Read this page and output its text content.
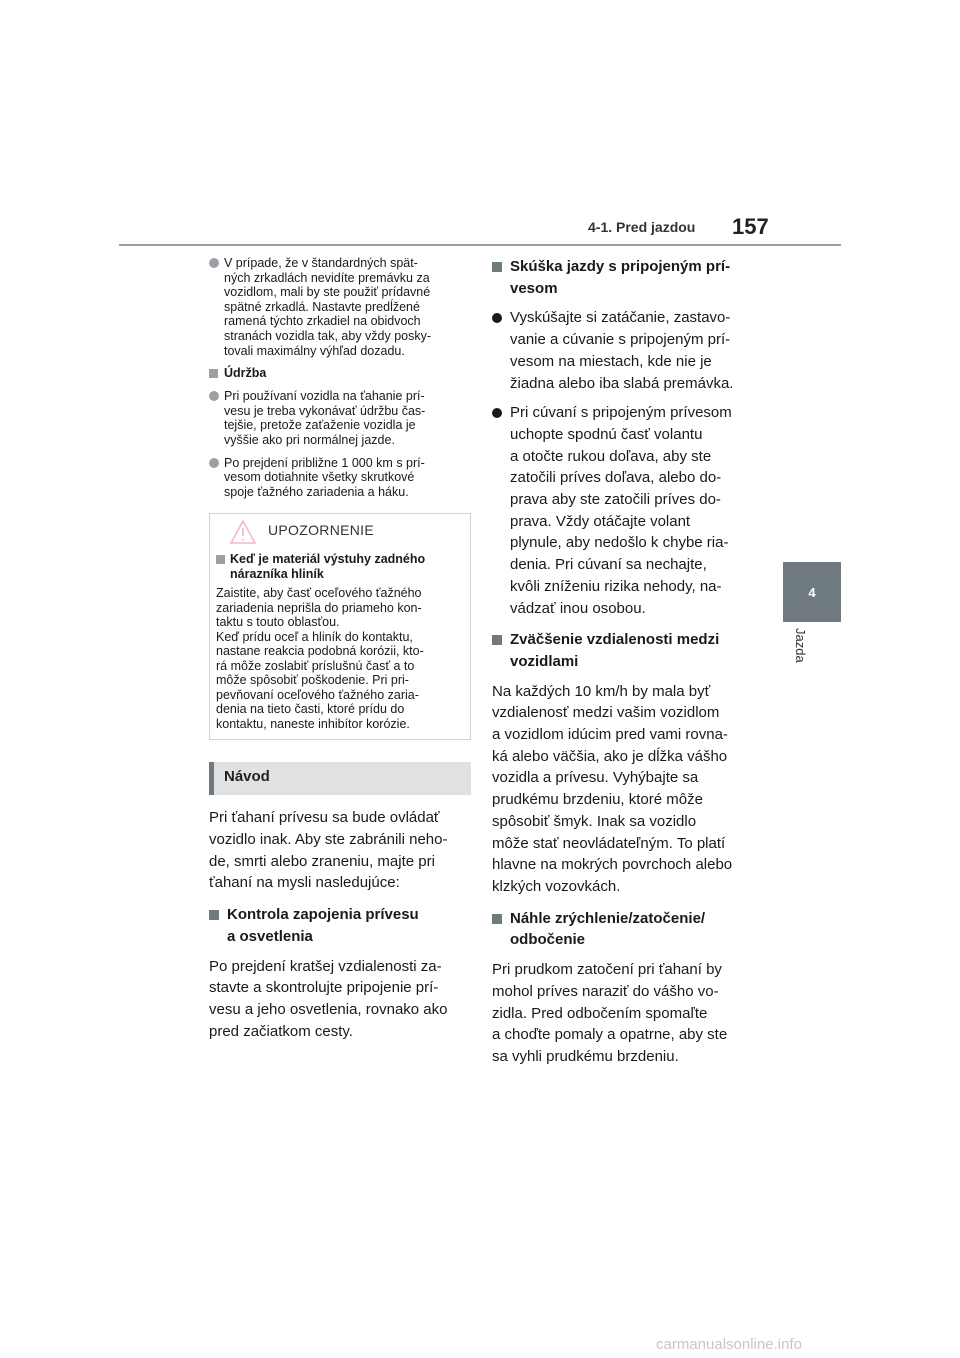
4-1. Pred jazdou 157
4
Jazda
V prípade, že v štandardných spät-
ných zrkadlách nevidíte premávku za
vozidlom, mali by ste použiť prídavné
spätné zrkadlá. Nastavte predĺžené
ramená týchto zrkadiel na obidvoch
stranách vozidla tak, aby vždy posky-
tovali maximálny výhľad dozadu.
Údržba
Pri používaní vozidla na ťahanie prí-
vesu je treba vykonávať údržbu čas-
tejšie, pretože zaťaženie vozidla je
vyššie ako pri normálnej jazde.
Po prejdení približne 1 000 km s prí-
vesom dotiahnite všetky skrutkové
spoje ťažného zariadenia a háku.
UPOZORNENIE
Keď je materiál výstuhy zadného
nárazníka hliník
Zaistite, aby časť oceľového ťažného
zariadenia neprišla do priameho kon-
taktu s touto oblasťou.
Keď prídu oceľ a hliník do kontaktu,
nastane reakcia podobná korózii, kto-
rá môže zoslabiť príslušnú časť a to
môže spôsobiť poškodenie. Pri pri-
pevňovaní oceľového ťažného zaria-
denia na tieto časti, ktoré prídu do
kontaktu, naneste inhibítor korózie.
Návod
Pri ťahaní prívesu sa bude ovládať
vozidlo inak. Aby ste zabránili neho-
de, smrti alebo zraneniu, majte pri
ťahaní na mysli nasledujúce:
Kontrola zapojenia prívesu
a osvetlenia
Po prejdení kratšej vzdialenosti za-
stavte a skontrolujte pripojenie prí-
vesu a jeho osvetlenia, rovnako ako
pred začiatkom cesty.
Skúška jazdy s pripojeným prí-
vesom
Vyskúšajte si zatáčanie, zastavo-
vanie a cúvanie s pripojeným prí-
vesom na miestach, kde nie je
žiadna alebo iba slabá premávka.
Pri cúvaní s pripojeným prívesom
uchopte spodnú časť volantu
a otočte rukou doľava, aby ste
zatočili príves doľava, alebo do-
prava aby ste zatočili príves do-
prava. Vždy otáčajte volant
plynule, aby nedošlo k chybe ria-
denia. Pri cúvaní sa nechajte,
kvôli zníženiu rizika nehody, na-
vádzať inou osobou.
Zväčšenie vzdialenosti medzi
vozidlami
Na každých 10 km/h by mala byť
vzdialenosť medzi vašim vozidlom
a vozidlom idúcim pred vami rovna-
ká alebo väčšia, ako je dĺžka vášho
vozidla a prívesu. Vyhýbajte sa
prudkému brzdeniu, ktoré môže
spôsobiť šmyk. Inak sa vozidlo
môže stať neovládateľným. To platí
hlavne na mokrých povrchoch alebo
klzkých vozovkách.
Náhle zrýchlenie/zatočenie/
odbočenie
Pri prudkom zatočení pri ťahaní by
mohol príves naraziť do vášho vo-
zidla. Pred odbočením spomaľte
a choďte pomaly a opatrne, aby ste
sa vyhli prudkému brzdeniu.
carmanualsonline.info
